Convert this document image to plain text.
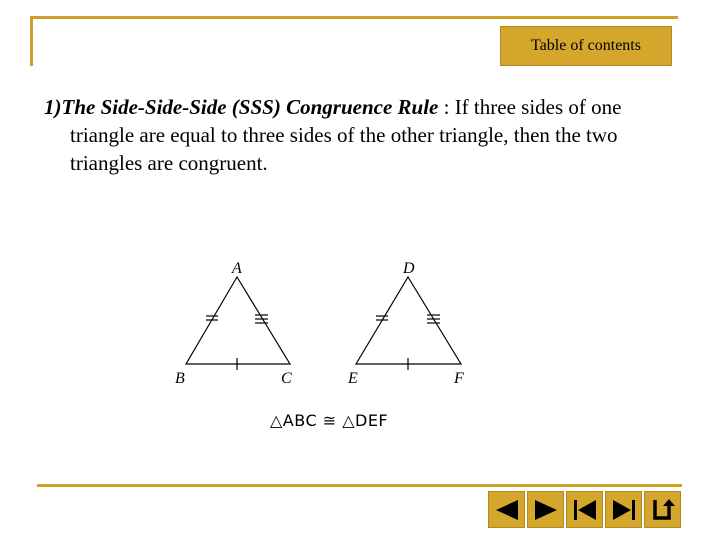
Table of contents
1)The Side-Side-Side (SSS) Congruence Rule : If three sides of one triangle are equal to three sides of the other triangle, then the two triangles are congruent.
A
B	C
D
E	F
△ABC ≅ △DEF
